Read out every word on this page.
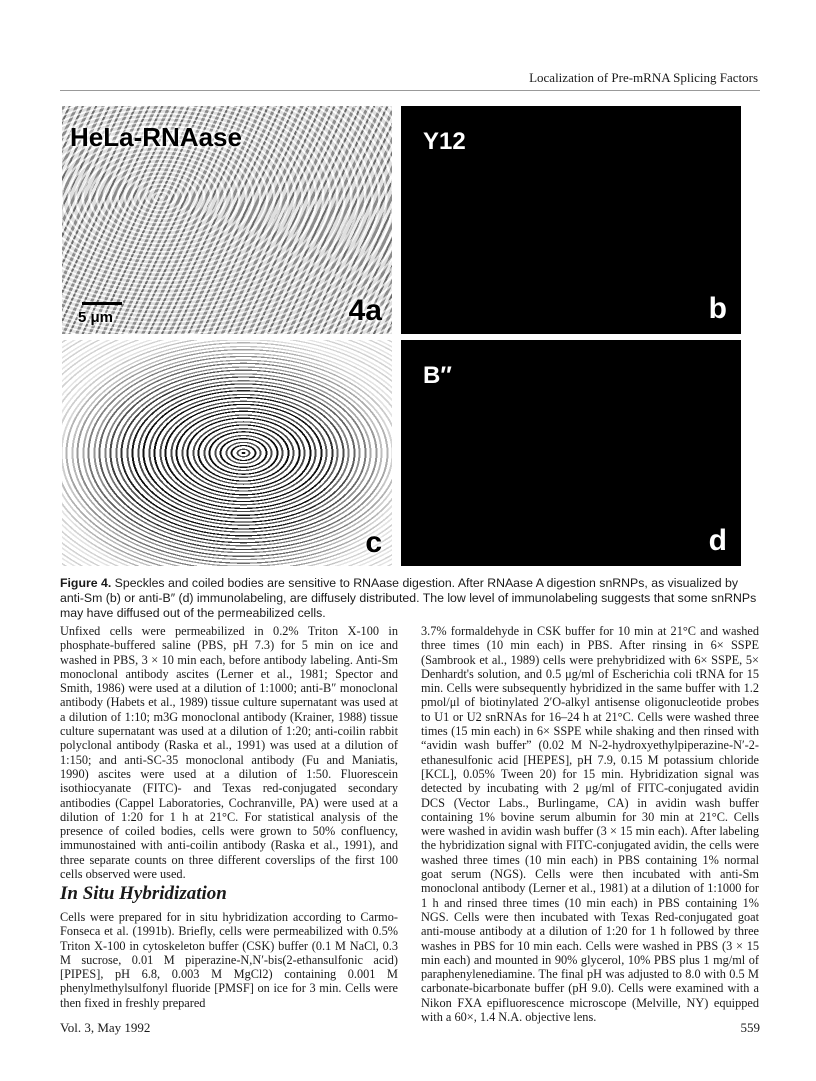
Localization of Pre-mRNA Splicing Factors
HeLa-RNAase
5 μm	4a
Y12
b
c
B″
d
Figure 4. Speckles and coiled bodies are sensitive to RNAase digestion. After RNAase A digestion snRNPs, as visualized by anti-Sm (b) or anti-B″ (d) immunolabeling, are diffusely distributed. The low level of immunolabeling suggests that some snRNPs may have diffused out of the permeabilized cells.

Unfixed cells were permeabilized in 0.2% Triton X-100 in phosphate-buffered saline (PBS, pH 7.3) for 5 min on ice and washed in PBS, 3 × 10 min each, before antibody labeling. Anti-Sm monoclonal antibody ascites (Lerner et al., 1981; Spector and Smith, 1986) were used at a dilution of 1:1000; anti-B″ monoclonal antibody (Habets et al., 1989) tissue culture supernatant was used at a dilution of 1:10; m3G monoclonal antibody (Krainer, 1988) tissue culture supernatant was used at a dilution of 1:20; anti-coilin rabbit polyclonal antibody (Raska et al., 1991) was used at a dilution of 1:150; and anti-SC-35 monoclonal antibody (Fu and Maniatis, 1990) ascites were used at a dilution of 1:50. Fluorescein isothiocyanate (FITC)- and Texas red-conjugated secondary antibodies (Cappel Laboratories, Cochranville, PA) were used at a dilution of 1:20 for 1 h at 21°C. For statistical analysis of the presence of coiled bodies, cells were grown to 50% confluency, immunostained with anti-coilin antibody (Raska et al., 1991), and three separate counts on three different coverslips of the first 100 cells observed were used.

In Situ Hybridization

Cells were prepared for in situ hybridization according to Carmo-Fonseca et al. (1991b). Briefly, cells were permeabilized with 0.5% Triton X-100 in cytoskeleton buffer (CSK) buffer (0.1 M NaCl, 0.3 M sucrose, 0.01 M piperazine-N,N′-bis(2-ethansulfonic acid) [PIPES], pH 6.8, 0.003 M MgCl2) containing 0.001 M phenylmethylsulfonyl fluoride [PMSF] on ice for 3 min. Cells were then fixed in freshly prepared

3.7% formaldehyde in CSK buffer for 10 min at 21°C and washed three times (10 min each) in PBS. After rinsing in 6× SSPE (Sambrook et al., 1989) cells were prehybridized with 6× SSPE, 5× Denhardt's solution, and 0.5 μg/ml of Escherichia coli tRNA for 15 min. Cells were subsequently hybridized in the same buffer with 1.2 pmol/μl of biotinylated 2′O-alkyl antisense oligonucleotide probes to U1 or U2 snRNAs for 16–24 h at 21°C. Cells were washed three times (15 min each) in 6× SSPE while shaking and then rinsed with “avidin wash buffer” (0.02 M N-2-hydroxyethylpiperazine-N′-2-ethanesulfonic acid [HEPES], pH 7.9, 0.15 M potassium chloride [KCL], 0.05% Tween 20) for 15 min. Hybridization signal was detected by incubating with 2 μg/ml of FITC-conjugated avidin DCS (Vector Labs., Burlingame, CA) in avidin wash buffer containing 1% bovine serum albumin for 30 min at 21°C. Cells were washed in avidin wash buffer (3 × 15 min each). After labeling the hybridization signal with FITC-conjugated avidin, the cells were washed three times (10 min each) in PBS containing 1% normal goat serum (NGS). Cells were then incubated with anti-Sm monoclonal antibody (Lerner et al., 1981) at a dilution of 1:1000 for 1 h and rinsed three times (10 min each) in PBS containing 1% NGS. Cells were then incubated with Texas Red-conjugated goat anti-mouse antibody at a dilution of 1:20 for 1 h followed by three washes in PBS for 10 min each. Cells were washed in PBS (3 × 15 min each) and mounted in 90% glycerol, 10% PBS plus 1 mg/ml of paraphenylenediamine. The final pH was adjusted to 8.0 with 0.5 M carbonate-bicarbonate buffer (pH 9.0). Cells were examined with a Nikon FXA epifluorescence microscope (Melville, NY) equipped with a 60×, 1.4 N.A. objective lens.

Vol. 3, May 1992	559
